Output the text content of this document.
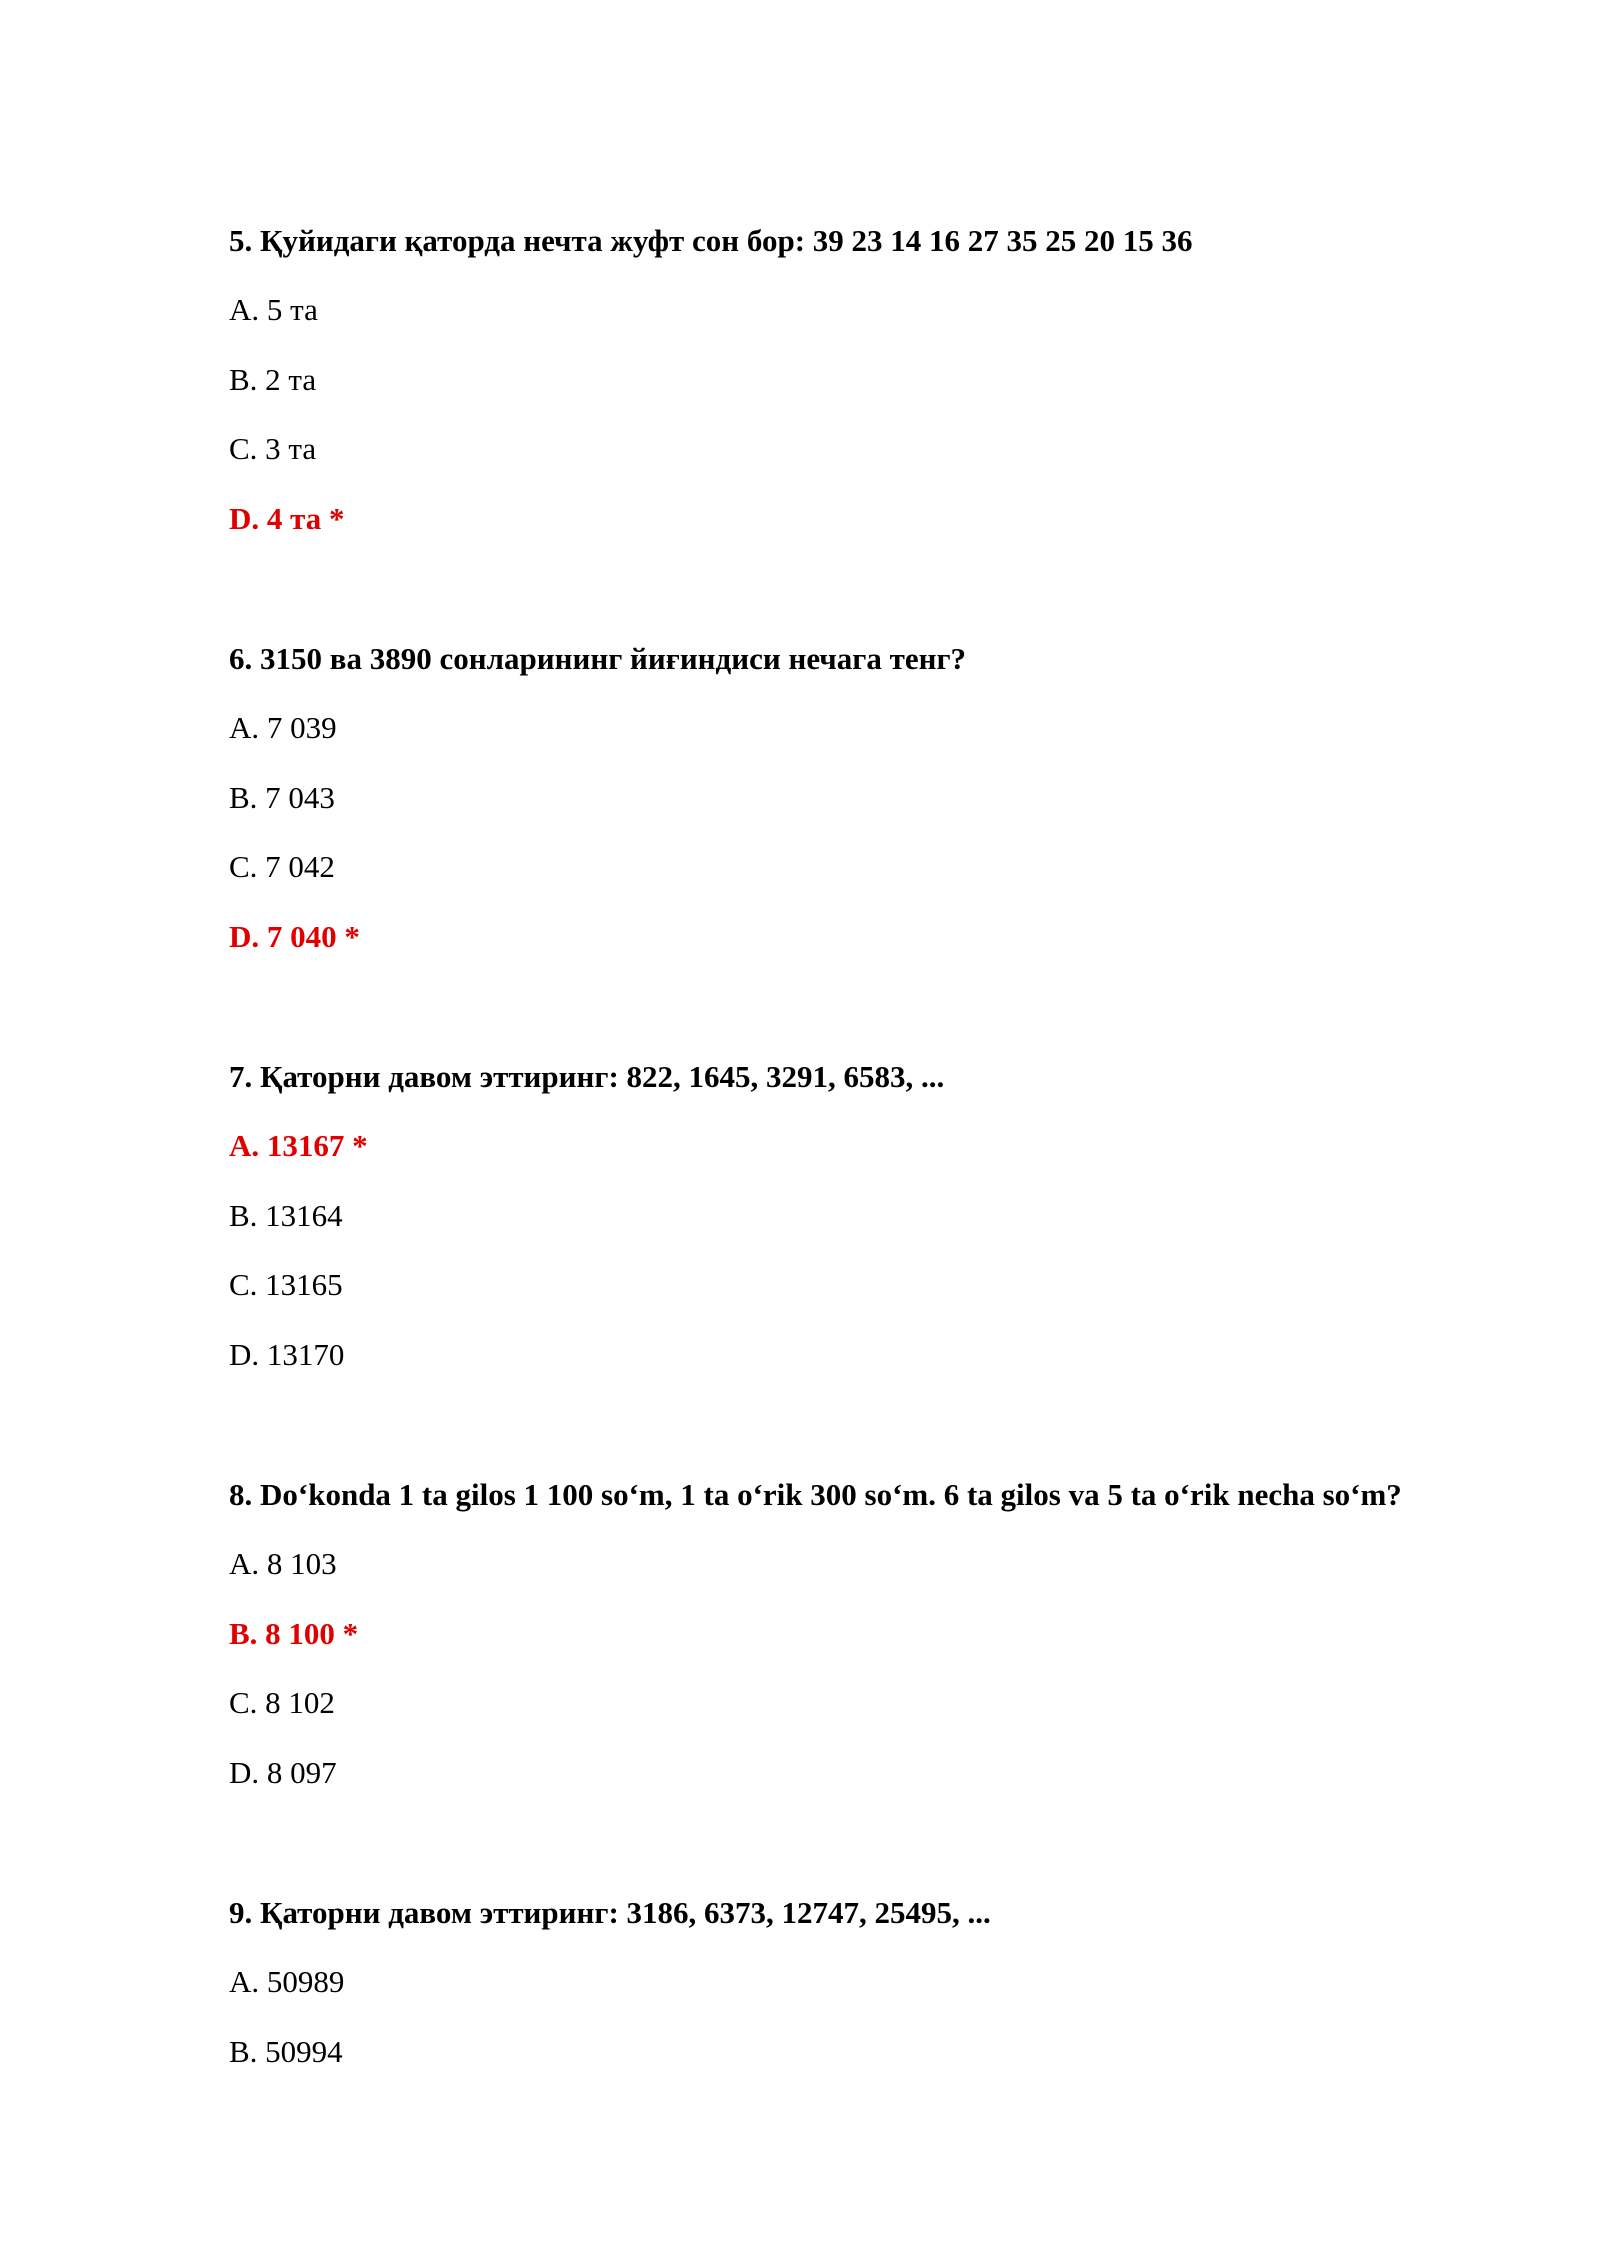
5. Қуйидаги қаторда нечта жуфт сон бор: 39 23 14 16 27 35 25 20 15 36
A. 5 та
B. 2 та
C. 3 та
D. 4 та *
6. 3150 ва 3890 сонларининг йиғиндиси нечага тенг?
A. 7 039
B. 7 043
C. 7 042
D. 7 040 *
7. Қаторни давом эттиринг: 822, 1645, 3291, 6583, ...
A. 13167 *
B. 13164
C. 13165
D. 13170
8. Do‘konda 1 ta gilos 1 100 so‘m, 1 ta o‘rik 300 so‘m. 6 ta gilos va 5 ta o‘rik necha so‘m?
A. 8 103
B. 8 100 *
C. 8 102
D. 8 097
9. Қаторни давом эттиринг: 3186, 6373, 12747, 25495, ...
A. 50989
B. 50994
